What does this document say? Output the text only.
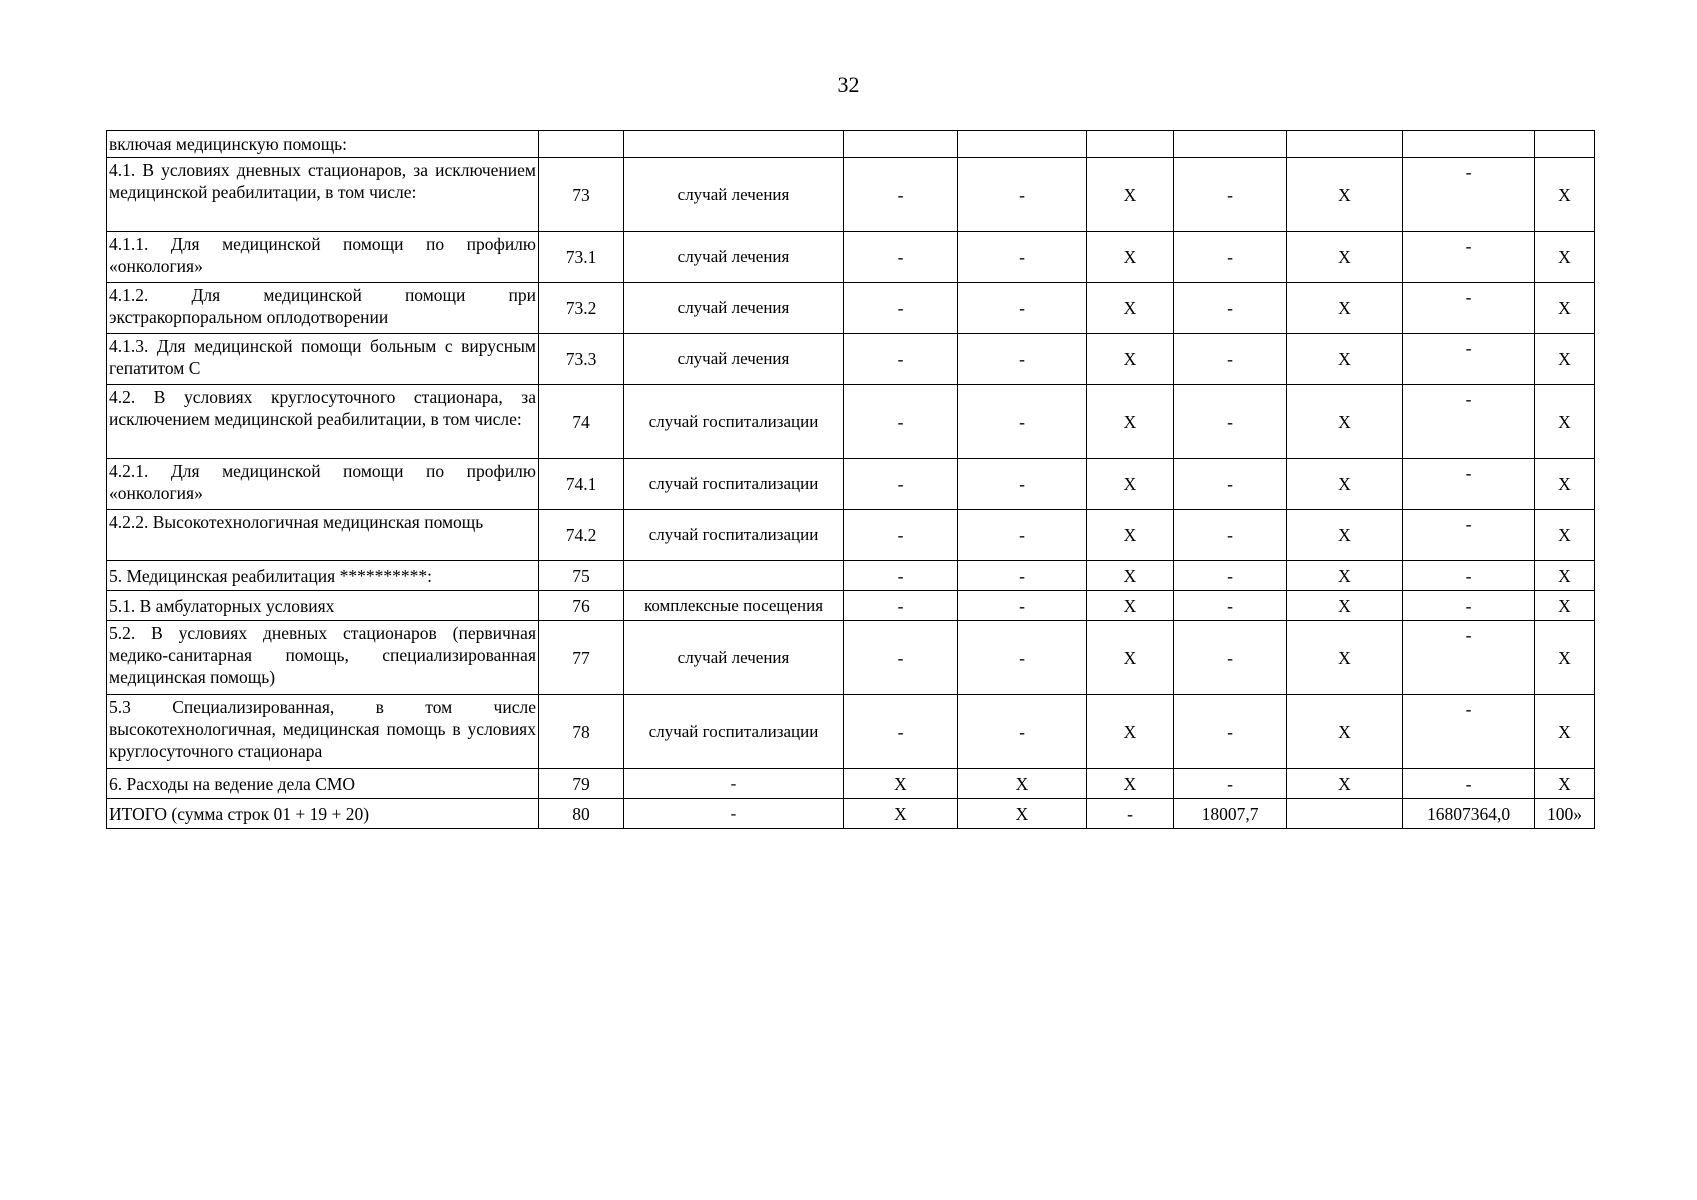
32
включая медицинскую помощь:									
4.1. В условиях дневных стационаров, за исключением медицинской реабилитации, в том числе:	73	случай лечения	-	-	X	-	X	-	X
4.1.1. Для медицинской помощи по профилю «онкология»	73.1	случай лечения	-	-	X	-	X	-	X
4.1.2. Для медицинской помощи при экстракорпоральном оплодотворении	73.2	случай лечения	-	-	X	-	X	-	X
4.1.3. Для медицинской помощи больным с вирусным гепатитом С	73.3	случай лечения	-	-	X	-	X	-	X
4.2. В условиях круглосуточного стационара, за исключением медицинской реабилитации, в том числе:	74	случай госпитализации	-	-	X	-	X	-	X
4.2.1. Для медицинской помощи по профилю «онкология»	74.1	случай госпитализации	-	-	X	-	X	-	X
4.2.2. Высокотехнологичная медицинская помощь	74.2	случай госпитализации	-	-	X	-	X	-	X
5. Медицинская реабилитация **********:	75		-	-	X	-	X	-	X
5.1. В амбулаторных условиях	76	комплексные посещения	-	-	X	-	X	-	X
5.2. В условиях дневных стационаров (первичная медико-санитарная помощь, специализированная медицинская помощь)	77	случай лечения	-	-	X	-	X	-	X
5.3 Специализированная, в том числе высокотехнологичная, медицинская помощь в условиях круглосуточного стационара	78	случай госпитализации	-	-	X	-	X	-	X
6. Расходы на ведение дела СМО	79	-	X	X	X	-	X	-	X
ИТОГО (сумма строк 01 + 19 + 20)	80	-	X	X	-	18007,7		16807364,0	100»
